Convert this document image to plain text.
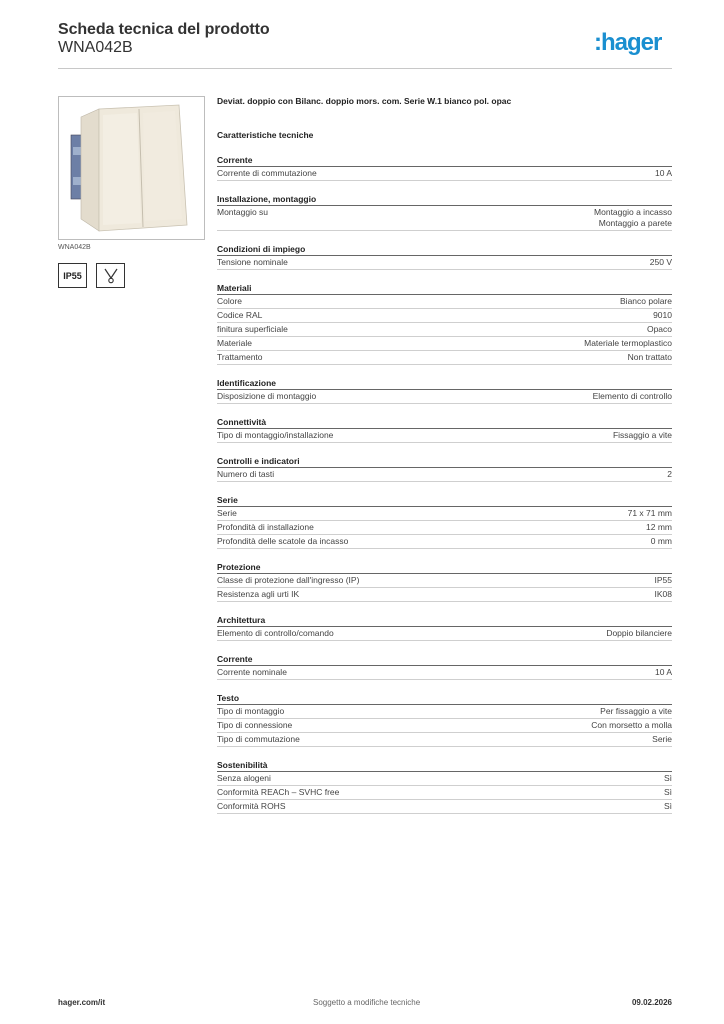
Scheda tecnica del prodotto
WNA042B	:hager
WNA042B
IP55
Deviat. doppio con Bilanc. doppio mors. com. Serie W.1 bianco pol. opac
Caratteristiche tecniche
Corrente
Corrente di commutazione	10 A
Installazione, montaggio
Montaggio su	Montaggio a incasso
Montaggio a parete
Condizioni di impiego
Tensione nominale	250 V
Materiali
Colore	Bianco polare
Codice RAL	9010
finitura superficiale	Opaco
Materiale	Materiale termoplastico
Trattamento	Non trattato
Identificazione
Disposizione di montaggio	Elemento di controllo
Connettività
Tipo di montaggio/installazione	Fissaggio a vite
Controlli e indicatori
Numero di tasti	2
Serie
Serie	71 x 71 mm
Profondità di installazione	12 mm
Profondità delle scatole da incasso	0 mm
Protezione
Classe di protezione dall'ingresso (IP)	IP55
Resistenza agli urti IK	IK08
Architettura
Elemento di controllo/comando	Doppio bilanciere
Corrente
Corrente nominale	10 A
Testo
Tipo di montaggio	Per fissaggio a vite
Tipo di connessione	Con morsetto a molla
Tipo di commutazione	Serie
Sostenibilità
Senza alogeni	Sì
Conformità REACh – SVHC free	Sì
Conformità ROHS	Sì
hager.com/it	Soggetto a modifiche tecniche	09.02.2026
